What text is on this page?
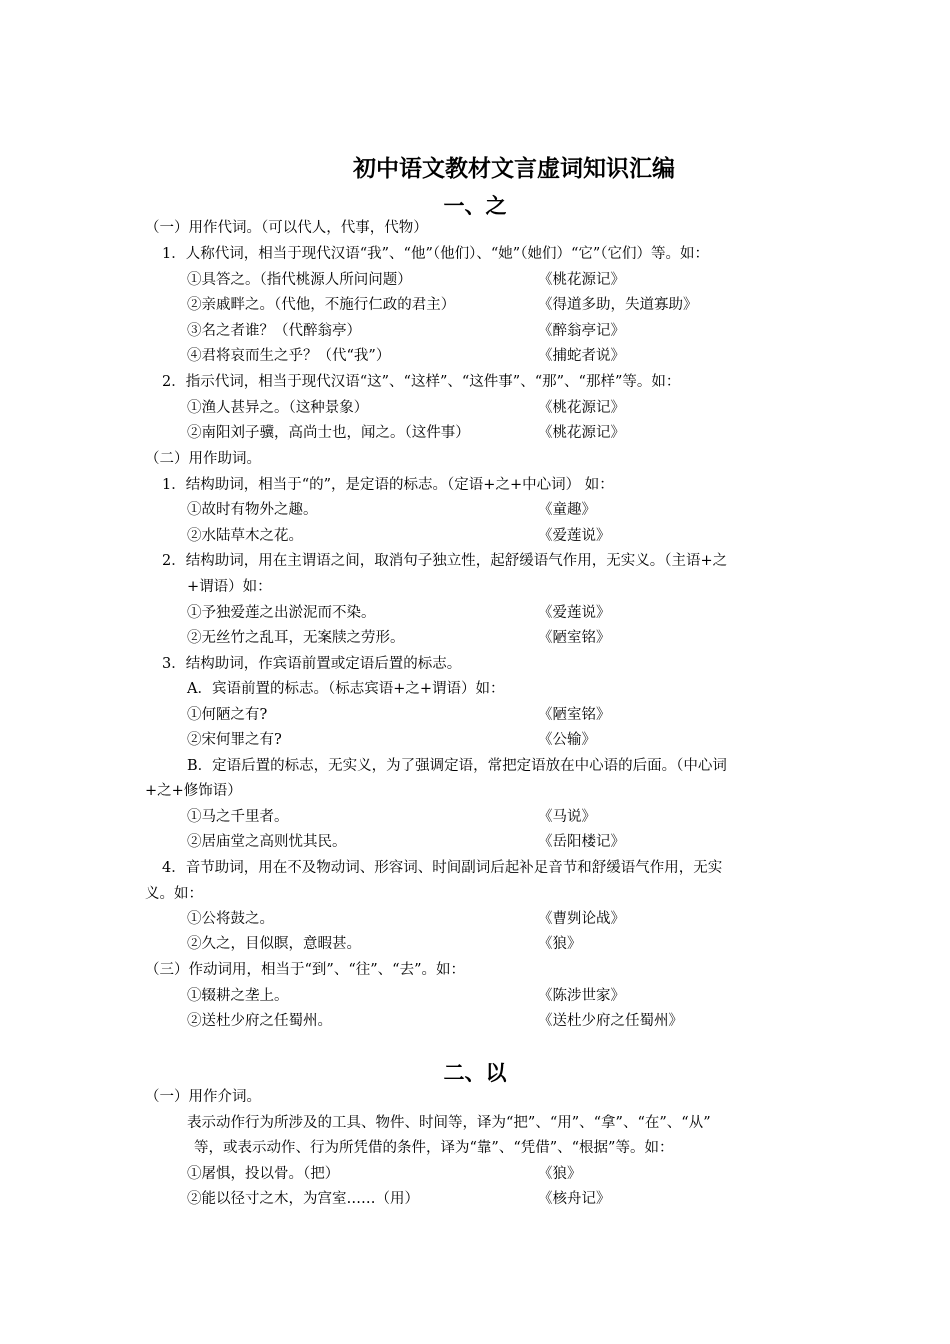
初中语文教材文言虚词知识汇编
一、之
（一）用作代词。（可以代人，代事，代物）
1．人称代词，相当于现代汉语“我”、“他”（他们）、“她”（她们）“它”（它们）等。如：
①具答之。（指代桃源人所问问题）	《桃花源记》
②亲戚畔之。（代他，不施行仁政的君主）	《得道多助，失道寡助》
③名之者谁？（代醉翁亭）	《醉翁亭记》
④君将哀而生之乎？（代“我”）	《捕蛇者说》
2．指示代词，相当于现代汉语“这”、“这样”、“这件事”、“那”、“那样”等。如：
①渔人甚异之。（这种景象）	《桃花源记》
②南阳刘子骥，高尚士也，闻之。（这件事）	《桃花源记》
（二）用作助词。
1．结构助词，相当于“的”，是定语的标志。（定语+之+中心词） 如：
①故时有物外之趣。	《童趣》
②水陆草木之花。	《爱莲说》
2．结构助词，用在主谓语之间，取消句子独立性，起舒缓语气作用，无实义。（主语+之
+谓语）如：
①予独爱莲之出淤泥而不染。	《爱莲说》
②无丝竹之乱耳，无案牍之劳形。	《陋室铭》
3．结构助词，作宾语前置或定语后置的标志。
A．宾语前置的标志。（标志宾语+之+谓语）如：
①何陋之有?	《陋室铭》
②宋何罪之有?	《公输》
B．定语后置的标志，无实义，为了强调定语，常把定语放在中心语的后面。（中心词
+之+修饰语）
①马之千里者。	《马说》
②居庙堂之高则忧其民。	《岳阳楼记》
4．音节助词，用在不及物动词、形容词、时间副词后起补足音节和舒缓语气作用，无实
义。如：
①公将鼓之。	《曹刿论战》
②久之，目似瞑，意暇甚。	《狼》
（三）作动词用，相当于“到”、“往”、“去”。如：
①辍耕之垄上。	《陈涉世家》
②送杜少府之任蜀州。	《送杜少府之任蜀州》
二、以
（一）用作介词。
表示动作行为所涉及的工具、物件、时间等，译为“把”、“用”、“拿”、“在”、“从”
等，或表示动作、行为所凭借的条件，译为“靠”、“凭借”、“根据”等。如：
①屠惧，投以骨。（把）	《狼》
②能以径寸之木，为宫室……（用）	《核舟记》
